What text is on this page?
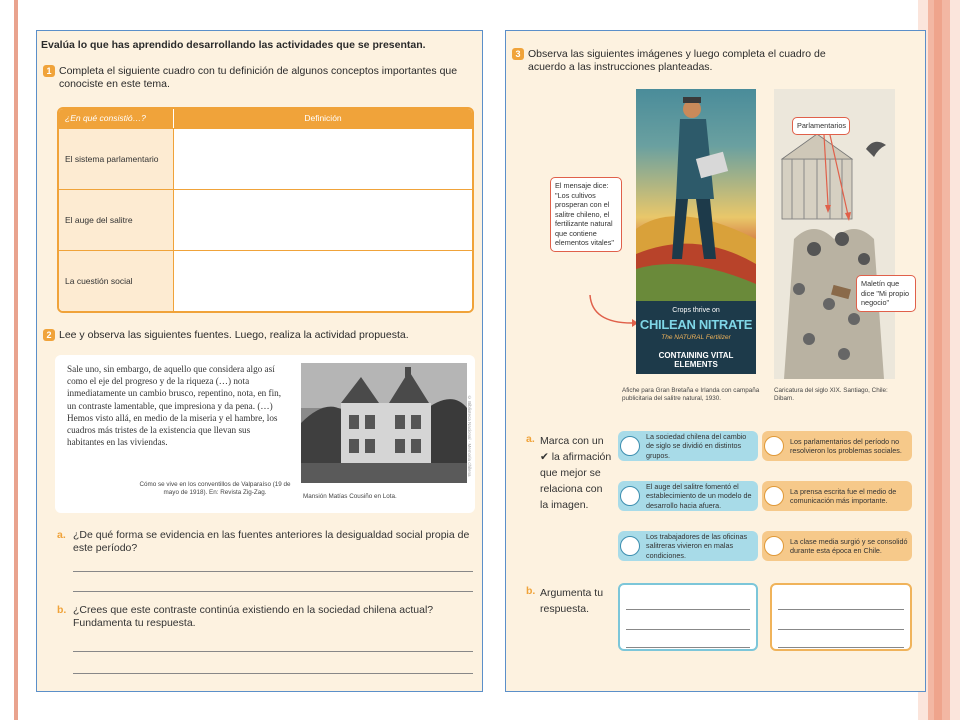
Evalúa lo que has aprendido desarrollando las actividades que se presentan.
1 Completa el siguiente cuadro con tu definición de algunos conceptos importantes que conociste en este tema.
¿En qué consistió…?	Definición
El sistema parlamentario
El auge del salitre
La cuestión social
2 Lee y observa las siguientes fuentes. Luego, realiza la actividad propuesta.
Sale uno, sin embargo, de aquello que considera algo así como el eje del progreso y de la riqueza (…) nota inmediatamente un cambio brusco, repentino, nota, en fin, un contraste lamentable, que impresiona y da pena. (…) Hemos visto allá, en medio de la miseria y el hambre, los cuadros más tristes de la existencia que llevan sus habitantes en las viviendas.
Cómo se vive en los conventillos de Valparaíso (19 de mayo de 1918). En: Revista Zig-Zag.
© Biblioteca Nacional · Memoria chilena
Mansión Matías Cousiño en Lota.
a. ¿De qué forma se evidencia en las fuentes anteriores la desigualdad social propia de este período?
b. ¿Crees que este contraste continúa existiendo en la sociedad chilena actual? Fundamenta tu respuesta.
3 Observa las siguientes imágenes y luego completa el cuadro de acuerdo a las instrucciones planteadas.
El mensaje dice: "Los cultivos prosperan con el salitre chileno, el fertilizante natural que contiene elementos vitales"
Crops thrive on
CHILEAN NITRATE
The NATURAL Fertilizer
CONTAINING VITAL ELEMENTS
Afiche para Gran Bretaña e Irlanda con campaña publicitaria del salitre natural, 1930.
Parlamentarios
Maletín que dice "Mi propio negocio"
Caricatura del siglo XIX. Santiago, Chile: Dibam.
a. Marca con un ✔ la afirmación que mejor se relaciona con la imagen.
La sociedad chilena del cambio de siglo se dividió en distintos grupos.
El auge del salitre fomentó el establecimiento de un modelo de desarrollo hacia afuera.
Los trabajadores de las oficinas salitreras vivieron en malas condiciones.
Los parlamentarios del período no resolvieron los problemas sociales.
La prensa escrita fue el medio de comunicación más importante.
La clase media surgió y se consolidó durante esta época en Chile.
b. Argumenta tu respuesta.
